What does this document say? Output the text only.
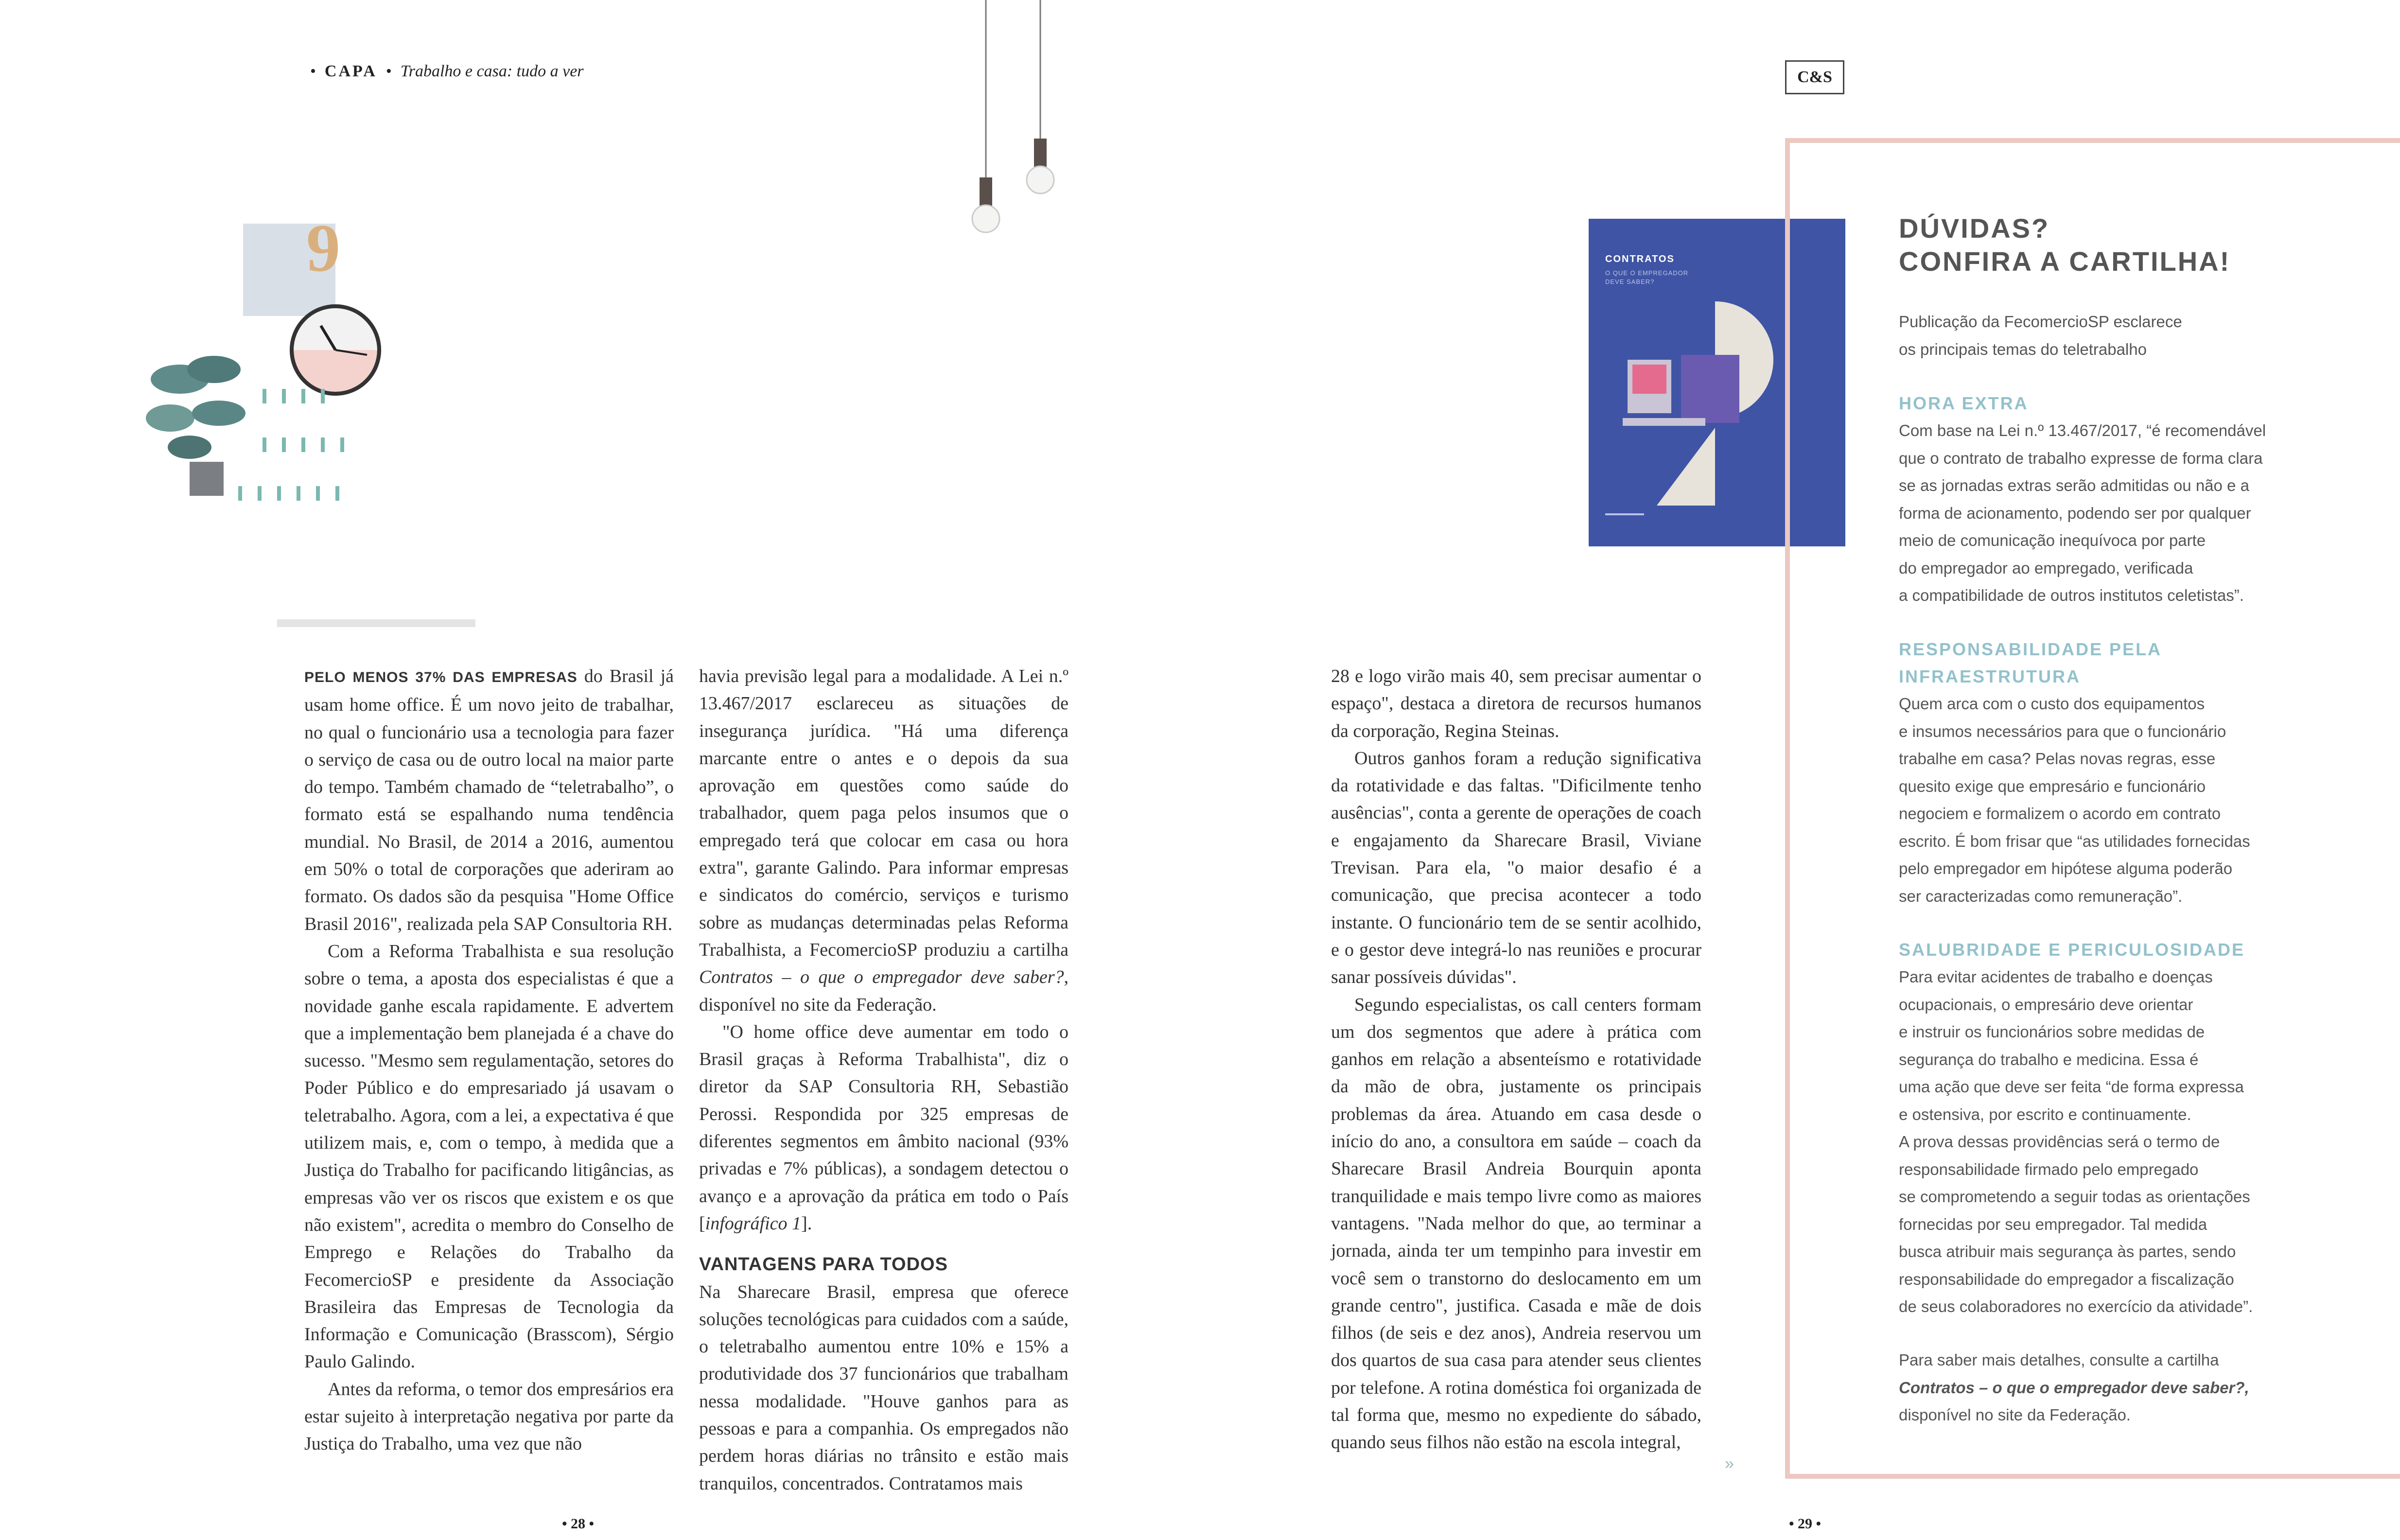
• CAPA • Trabalho e casa: tudo a ver	C&S
9

PELO MENOS 37% DAS EMPRESAS do Brasil já usam home office. É um novo jeito de trabalhar, no qual o funcionário usa a tecnologia para fazer o serviço de casa ou de outro local na maior parte do tempo. Também chamado de “teletrabalho”, o formato está se espalhando numa tendência mundial. No Brasil, de 2014 a 2016, aumentou em 50% o total de corporações que aderiram ao formato. Os dados são da pesquisa "Home Office Brasil 2016", realizada pela SAP Consultoria RH.

Com a Reforma Trabalhista e sua resolução sobre o tema, a aposta dos especialistas é que a novidade ganhe escala rapidamente. E advertem que a implementação bem planejada é a chave do sucesso. "Mesmo sem regulamentação, setores do Poder Público e do empresariado já usavam o teletrabalho. Agora, com a lei, a expectativa é que utilizem mais, e, com o tempo, à medida que a Justiça do Trabalho for pacificando litigâncias, as empresas vão ver os riscos que existem e os que não existem", acredita o membro do Conselho de Emprego e Relações do Trabalho da FecomercioSP e presidente da Associação Brasileira das Empresas de Tecnologia da Informação e Comunicação (Brasscom), Sérgio Paulo Galindo.

Antes da reforma, o temor dos empresários era estar sujeito à interpretação negativa por parte da Justiça do Trabalho, uma vez que não

havia previsão legal para a modalidade. A Lei n.º 13.467/2017 esclareceu as situações de insegurança jurídica. "Há uma diferença marcante entre o antes e o depois da sua aprovação em questões como saúde do trabalhador, quem paga pelos insumos que o empregado terá que colocar em casa ou hora extra", garante Galindo. Para informar empresas e sindicatos do comércio, serviços e turismo sobre as mudanças determinadas pelas Reforma Trabalhista, a FecomercioSP produziu a cartilha Contratos – o que o empregador deve saber?, disponível no site da Federação.

"O home office deve aumentar em todo o Brasil graças à Reforma Trabalhista", diz o diretor da SAP Consultoria RH, Sebastião Perossi. Respondida por 325 empresas de diferentes segmentos em âmbito nacional (93% privadas e 7% públicas), a sondagem detectou o avanço e a aprovação da prática em todo o País [infográfico 1].

VANTAGENS PARA TODOS

Na Sharecare Brasil, empresa que oferece soluções tecnológicas para cuidados com a saúde, o teletrabalho aumentou entre 10% e 15% a produtividade dos 37 funcionários que trabalham nessa modalidade. "Houve ganhos para as pessoas e para a companhia. Os empregados não perdem horas diárias no trânsito e estão mais tranquilos, concentrados. Contratamos mais

28 e logo virão mais 40, sem precisar aumentar o espaço", destaca a diretora de recursos humanos da corporação, Regina Steinas.

Outros ganhos foram a redução significativa da rotatividade e das faltas. "Dificilmente tenho ausências", conta a gerente de operações de coach e engajamento da Sharecare Brasil, Viviane Trevisan. Para ela, "o maior desafio é a comunicação, que precisa acontecer a todo instante. O funcionário tem de se sentir acolhido, e o gestor deve integrá-lo nas reuniões e procurar sanar possíveis dúvidas".

Segundo especialistas, os call centers formam um dos segmentos que adere à prática com ganhos em relação a absenteísmo e rotatividade da mão de obra, justamente os principais problemas da área. Atuando em casa desde o início do ano, a consultora em saúde – coach da Sharecare Brasil Andreia Bourquin aponta tranquilidade e mais tempo livre como as maiores vantagens. "Nada melhor do que, ao terminar a jornada, ainda ter um tempinho para investir em você sem o transtorno do deslocamento em um grande centro", justifica. Casada e mãe de dois filhos (de seis e dez anos), Andreia reservou um dos quartos de sua casa para atender seus clientes por telefone. A rotina doméstica foi organizada de tal forma que, mesmo no expediente do sábado, quando seus filhos não estão na escola integral,

»
CONTRATOS
O QUE O EMPREGADOR
DEVE SABER?
DÚVIDAS?
CONFIRA A CARTILHA!
Publicação da FecomercioSP esclarece
os principais temas do teletrabalho
HORA EXTRA
Com base na Lei n.º 13.467/2017, “é recomendável
que o contrato de trabalho expresse de forma clara
se as jornadas extras serão admitidas ou não e a
forma de acionamento, podendo ser por qualquer
meio de comunicação inequívoca por parte
do empregador ao empregado, verificada
a compatibilidade de outros institutos celetistas”.
RESPONSABILIDADE PELA
INFRAESTRUTURA
Quem arca com o custo dos equipamentos
e insumos necessários para que o funcionário
trabalhe em casa? Pelas novas regras, esse
quesito exige que empresário e funcionário
negociem e formalizem o acordo em contrato
escrito. É bom frisar que “as utilidades fornecidas
pelo empregador em hipótese alguma poderão
ser caracterizadas como remuneração”.
SALUBRIDADE E PERICULOSIDADE
Para evitar acidentes de trabalho e doenças
ocupacionais, o empresário deve orientar
e instruir os funcionários sobre medidas de
segurança do trabalho e medicina. Essa é
uma ação que deve ser feita “de forma expressa
e ostensiva, por escrito e continuamente.
A prova dessas providências será o termo de
responsabilidade firmado pelo empregado
se comprometendo a seguir todas as orientações
fornecidas por seu empregador. Tal medida
busca atribuir mais segurança às partes, sendo
responsabilidade do empregador a fiscalização
de seus colaboradores no exercício da atividade”.
Para saber mais detalhes, consulte a cartilha
Contratos – o que o empregador deve saber?,
disponível no site da Federação.
• 28 •	• 29 •
